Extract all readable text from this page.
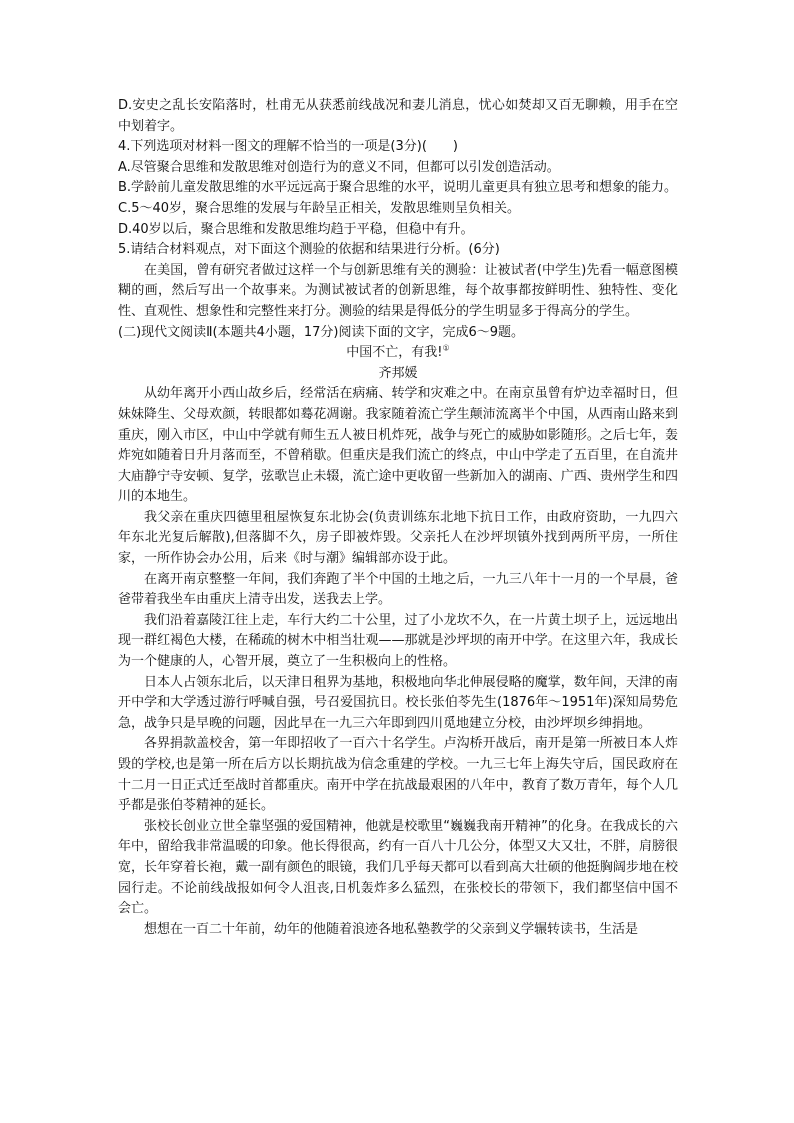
D.安史之乱长安陷落时，杜甫无从获悉前线战况和妻儿消息，忧心如焚却又百无聊赖，用手在空中划着字。

4.下列选项对材料一图文的理解不恰当的一项是(3分)(　　)

A.尽管聚合思维和发散思维对创造行为的意义不同，但都可以引发创造活动。

B.学龄前儿童发散思维的水平远远高于聚合思维的水平，说明儿童更具有独立思考和想象的能力。

C.5～40岁，聚合思维的发展与年龄呈正相关，发散思维则呈负相关。

D.40岁以后，聚合思维和发散思维均趋于平稳，但稳中有升。

5.请结合材料观点，对下面这个测验的依据和结果进行分析。(6分)

在美国，曾有研究者做过这样一个与创新思维有关的测验：让被试者(中学生)先看一幅意图模糊的画，然后写出一个故事来。为测试被试者的创新思维，每个故事都按鲜明性、独特性、变化性、直观性、想象性和完整性来打分。测验的结果是得低分的学生明显多于得高分的学生。

(二)现代文阅读Ⅱ(本题共4小题，17分)阅读下面的文字，完成6～9题。

中国不亡，有我!①

齐邦媛

从幼年离开小西山故乡后，经常活在病痛、转学和灾难之中。在南京虽曾有炉边幸福时日，但妹妹降生、父母欢颜，转眼都如蓦花凋谢。我家随着流亡学生颠沛流离半个中国，从西南山路来到重庆，刚入市区，中山中学就有师生五人被日机炸死，战争与死亡的威胁如影随形。之后七年，轰炸宛如随着日升月落而至，不曾稍歇。但重庆是我们流亡的终点，中山中学走了五百里，在自流井大庙静宁寺安顿、复学，弦歌岂止未辍，流亡途中更收留一些新加入的湖南、广西、贵州学生和四川的本地生。

我父亲在重庆四德里租屋恢复东北协会(负责训练东北地下抗日工作，由政府资助，一九四六年东北光复后解散),但落脚不久，房子即被炸毁。父亲托人在沙坪坝镇外找到两所平房，一所住家，一所作协会办公用，后来《时与潮》编辑部亦设于此。

在离开南京整整一年间，我们奔跑了半个中国的土地之后，一九三八年十一月的一个早晨，爸爸带着我坐车由重庆上清寺出发，送我去上学。

我们沿着嘉陵江往上走，车行大约二十公里，过了小龙坎不久，在一片黄土坝子上，远远地出现一群红褐色大楼，在稀疏的树木中相当壮观——那就是沙坪坝的南开中学。在这里六年，我成长为一个健康的人，心智开展，奠立了一生积极向上的性格。

日本人占领东北后，以天津日租界为基地，积极地向华北伸展侵略的魔掌，数年间，天津的南开中学和大学透过游行呼喊自强，号召爱国抗日。校长张伯苓先生(1876年～1951年)深知局势危急，战争只是早晚的问题，因此早在一九三六年即到四川觅地建立分校，由沙坪坝乡绅捐地。

各界捐款盖校舍，第一年即招收了一百六十名学生。卢沟桥开战后，南开是第一所被日本人炸毁的学校,也是第一所在后方以长期抗战为信念重建的学校。一九三七年上海失守后，国民政府在十二月一日正式迁至战时首都重庆。南开中学在抗战最艰困的八年中，教育了数万青年，每个人几乎都是张伯苓精神的延长。

张校长创业立世全靠坚强的爱国精神，他就是校歌里“巍巍我南开精神”的化身。在我成长的六年中，留给我非常温暖的印象。他长得很高，约有一百八十几公分，体型又大又壮，不胖，肩膀很宽，长年穿着长袍，戴一副有颜色的眼镜，我们几乎每天都可以看到高大壮硕的他挺胸阔步地在校园行走。不论前线战报如何令人沮丧,日机轰炸多么猛烈，在张校长的带领下，我们都坚信中国不会亡。

想想在一百二十年前，幼年的他随着浪迹各地私塾教学的父亲到义学辗转读书，生活是
